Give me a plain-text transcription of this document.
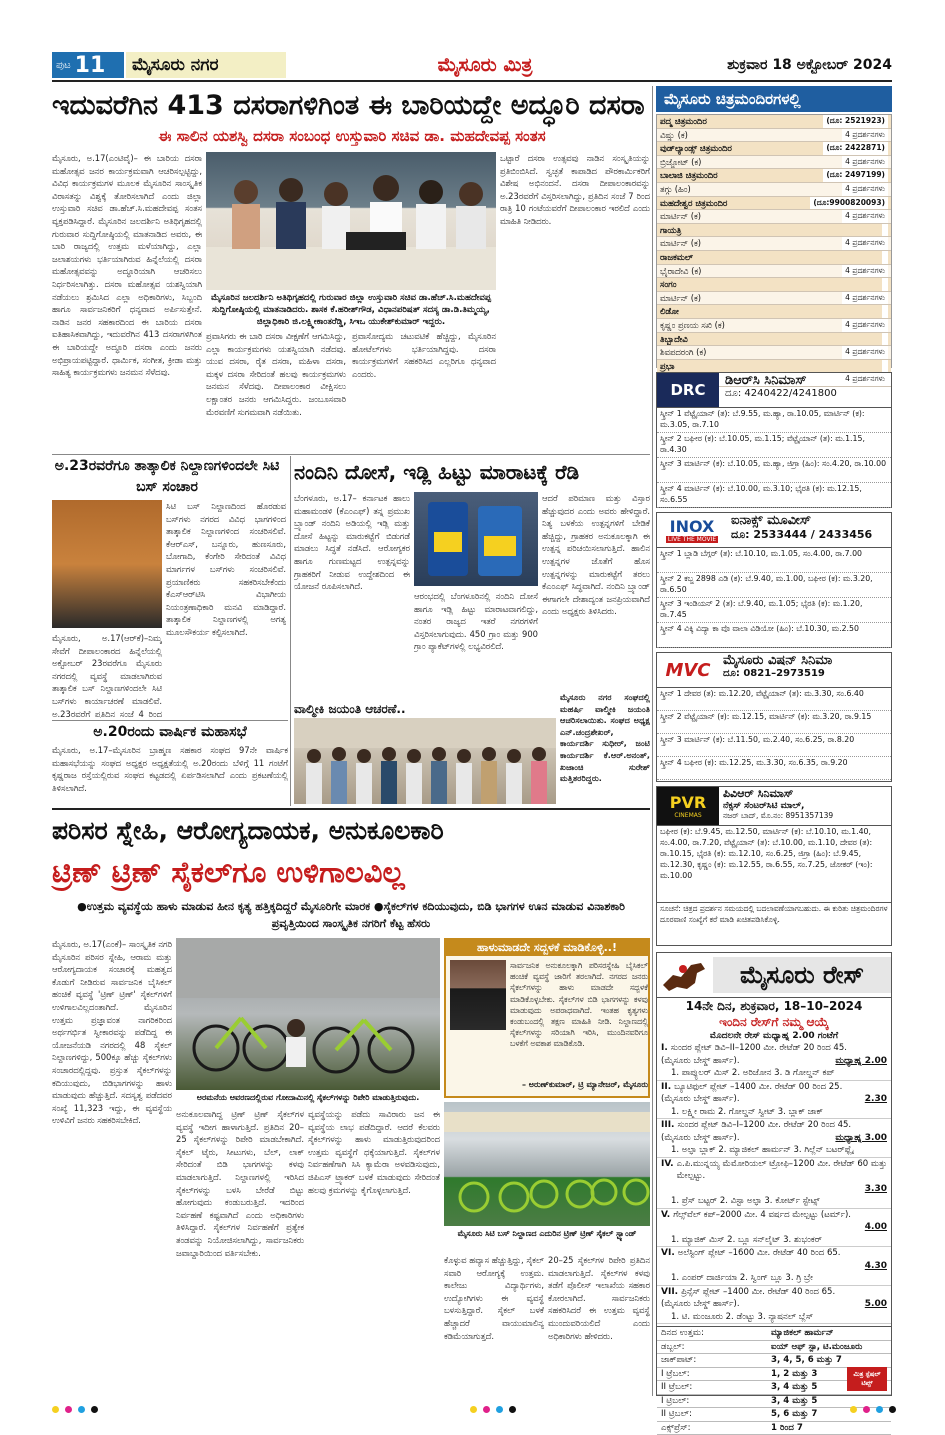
ಪುಟ 11	ಮೈಸೂರು ನಗರ	ಮೈಸೂರು ಮಿತ್ರ	ಶುಕ್ರವಾರ 18 ಅಕ್ಟೋಬರ್ 2024
ಇದುವರೆಗಿನ 413 ದಸರಾಗಳಿಗಿಂತ ಈ ಬಾರಿಯದ್ದೇ ಅದ್ಧೂರಿ ದಸರಾ
ಈ ಸಾಲಿನ ಯಶಸ್ವಿ ದಸರಾ ಸಂಬಂಧ ಉಸ್ತುವಾರಿ ಸಚಿವ ಡಾ. ಮಹದೇವಪ್ಪ ಸಂತಸ
ಮೈಸೂರು, ಅ.17(ಎಂಟಿವೈ)– ಈ ಬಾರಿಯ ದಸರಾ ಮಹೋತ್ಸವ ಜನರ ಕಾರ್ಯಕ್ರಮವಾಗಿ ಆಚರಿಸಲ್ಪಟ್ಟಿದ್ದು, ವಿವಿಧ ಕಾರ್ಯಕ್ರಮಗಳ ಮೂಲಕ ಮೈಸೂರಿನ ಸಾಂಸ್ಕೃತಿಕ ವಿರಾಸತನ್ನು ವಿಶ್ವಕ್ಕೆ ತೋರಿಸಲಾಗಿದೆ ಎಂದು ಜಿಲ್ಲಾ ಉಸ್ತುವಾರಿ ಸಚಿವ ಡಾ.ಹೆಚ್.ಸಿ.ಮಹದೇವಪ್ಪ ಸಂತಸ ವ್ಯಕ್ತಪಡಿಸಿದ್ದಾರೆ. ಮೈಸೂರಿನ ಜಲದರ್ಶಿನಿ ಅತಿಥಿಗೃಹದಲ್ಲಿ ಗುರುವಾರ ಸುದ್ದಿಗೋಷ್ಠಿಯಲ್ಲಿ ಮಾತನಾಡಿದ ಅವರು, ಈ ಬಾರಿ ರಾಜ್ಯದಲ್ಲಿ ಉತ್ತಮ ಮಳೆಯಾಗಿದ್ದು, ಎಲ್ಲಾ ಜಲಾಶಯಗಳು ಭರ್ತಿಯಾಗಿರುವ ಹಿನ್ನೆಲೆಯಲ್ಲಿ ದಸರಾ ಮಹೋತ್ಸವವನ್ನು ಅದ್ಧೂರಿಯಾಗಿ ಆಚರಿಸಲು ನಿರ್ಧರಿಸಲಾಗಿತ್ತು. ದಸರಾ ಮಹೋತ್ಸವ ಯಶಸ್ವಿಯಾಗಿ ನಡೆಯಲು ಶ್ರಮಿಸಿದ ಎಲ್ಲಾ ಅಧಿಕಾರಿಗಳು, ಸಿಬ್ಬಂದಿ ಹಾಗೂ ಸಾರ್ವಜನಿಕರಿಗೆ ಧನ್ಯವಾದ ಅರ್ಪಿಸುತ್ತೇನೆ. ನಾಡಿನ ಜನರ ಸಹಕಾರದಿಂದ ಈ ಬಾರಿಯ ದಸರಾ ಐತಿಹಾಸಿಕವಾಗಿದ್ದು, ಇದುವರೆಗಿನ 413 ದಸರಾಗಳಿಗಿಂತ ಈ ಬಾರಿಯದ್ದೇ ಅದ್ಧೂರಿ ದಸರಾ ಎಂದು ಜನರು ಅಭಿಪ್ರಾಯಪಟ್ಟಿದ್ದಾರೆ. ಧಾರ್ಮಿಕ, ಸಂಗೀತ, ಕ್ರೀಡಾ ಮತ್ತು ಸಾಹಿತ್ಯ ಕಾರ್ಯಕ್ರಮಗಳು ಜನಮನ ಸೆಳೆದವು.
ಮೈಸೂರಿನ ಜಲದರ್ಶಿನಿ ಅತಿಥಿಗೃಹದಲ್ಲಿ ಗುರುವಾರ ಜಿಲ್ಲಾ ಉಸ್ತುವಾರಿ ಸಚಿವ ಡಾ.ಹೆಚ್.ಸಿ.ಮಹದೇವಪ್ಪ ಸುದ್ದಿಗೋಷ್ಠಿಯಲ್ಲಿ ಮಾತನಾಡಿದರು. ಶಾಸಕ ಕೆ.ಹರೀಶ್‌ಗೌಡ, ವಿಧಾನಪರಿಷತ್ ಸದಸ್ಯ ಡಾ.ಡಿ.ತಿಮ್ಮಯ್ಯ, ಜಿಲ್ಲಾಧಿಕಾರಿ ಜಿ.ಲಕ್ಷ್ಮೀಕಾಂತರೆಡ್ಡಿ, ಸಿಇಒ ಯುಕೇಶ್‌ಕುಮಾರ್ ಇದ್ದರು.
ಪ್ರವಾಸಿಗರು ಈ ಬಾರಿ ದಸರಾ ವೀಕ್ಷಣೆಗೆ ಆಗಮಿಸಿದ್ದು, ಎಲ್ಲಾ ಕಾರ್ಯಕ್ರಮಗಳು ಯಶಸ್ವಿಯಾಗಿ ನಡೆದವು. ಯುವ ದಸರಾ, ರೈತ ದಸರಾ, ಮಹಿಳಾ ದಸರಾ, ಮಕ್ಕಳ ದಸರಾ ಸೇರಿದಂತೆ ಹಲವು ಕಾರ್ಯಕ್ರಮಗಳು ಜನಮನ ಸೆಳೆದವು. ದೀಪಾಲಂಕಾರ ವೀಕ್ಷಿಸಲು ಲಕ್ಷಾಂತರ ಜನರು ಆಗಮಿಸಿದ್ದರು. ಜಂಬೂಸವಾರಿ ಮೆರವಣಿಗೆ ಸುಗಮವಾಗಿ ನಡೆಯಿತು.
ಪ್ರವಾಸೋದ್ಯಮ ಚಟುವಟಿಕೆ ಹೆಚ್ಚಿದ್ದು, ಮೈಸೂರಿನ ಹೋಟೆಲ್‌ಗಳು ಭರ್ತಿಯಾಗಿದ್ದವು. ದಸರಾ ಕಾರ್ಯಕ್ರಮಗಳಿಗೆ ಸಹಕರಿಸಿದ ಎಲ್ಲರಿಗೂ ಧನ್ಯವಾದ ಎಂದರು.
ಒಟ್ಟಾರೆ ದಸರಾ ಉತ್ಸವವು ನಾಡಿನ ಸಂಸ್ಕೃತಿಯನ್ನು ಪ್ರತಿಬಿಂಬಿಸಿದೆ. ಸ್ವಚ್ಛತೆ ಕಾಪಾಡಿದ ಪೌರಕಾರ್ಮಿಕರಿಗೆ ವಿಶೇಷ ಅಭಿನಂದನೆ. ದಸರಾ ದೀಪಾಲಂಕಾರವನ್ನು ಅ.23ರವರೆಗೆ ವಿಸ್ತರಿಸಲಾಗಿದ್ದು, ಪ್ರತಿದಿನ ಸಂಜೆ 7 ರಿಂದ ರಾತ್ರಿ 10 ಗಂಟೆಯವರೆಗೆ ದೀಪಾಲಂಕಾರ ಇರಲಿದೆ ಎಂದು ಮಾಹಿತಿ ನೀಡಿದರು.
ಅ.23ರವರೆಗೂ ತಾತ್ಕಾಲಿಕ ನಿಲ್ದಾಣಗಳಿಂದಲೇ ಸಿಟಿ ಬಸ್ ಸಂಚಾರ
ಮೈಸೂರು, ಅ.17(ಆರ್‌ಕೆ)–ನಿಮ್ಮ ಸೇವೆಗೆ ದೀಪಾಲಂಕಾರದ ಹಿನ್ನೆಲೆಯಲ್ಲಿ ಅಕ್ಟೋಬರ್ 23ರವರೆಗೂ ಮೈಸೂರು ನಗರದಲ್ಲಿ ವ್ಯವಸ್ಥೆ ಮಾಡಲಾಗಿರುವ ತಾತ್ಕಾಲಿಕ ಬಸ್ ನಿಲ್ದಾಣಗಳಿಂದಲೇ ಸಿಟಿ ಬಸ್‌ಗಳು ಕಾರ್ಯಾಚರಣೆ ಮಾಡಲಿವೆ. ಅ.23ರವರೆಗೆ ಪ್ರತಿದಿನ ಸಂಜೆ 4 ರಿಂದ
ಸಿಟಿ ಬಸ್ ನಿಲ್ದಾಣದಿಂದ ಹೊರಡುವ ಬಸ್‌ಗಳು ನಗರದ ವಿವಿಧ ಭಾಗಗಳಿಂದ ತಾತ್ಕಾಲಿಕ ನಿಲ್ದಾಣಗಳಿಂದ ಸಂಚರಿಸಲಿವೆ. ಕೆಆರ್‌ಎಸ್, ಬನ್ನೂರು, ಹುಣಸೂರು, ಬೋಗಾದಿ, ಕೆಂಗೇರಿ ಸೇರಿದಂತೆ ವಿವಿಧ ಮಾರ್ಗಗಳ ಬಸ್‌ಗಳು ಸಂಚರಿಸಲಿವೆ. ಪ್ರಯಾಣಿಕರು ಸಹಕರಿಸಬೇಕೆಂದು ಕೆಎಸ್‌ಆರ್‌ಟಿಸಿ ವಿಭಾಗೀಯ ನಿಯಂತ್ರಣಾಧಿಕಾರಿ ಮನವಿ ಮಾಡಿದ್ದಾರೆ. ತಾತ್ಕಾಲಿಕ ನಿಲ್ದಾಣಗಳಲ್ಲಿ ಅಗತ್ಯ ಮೂಲಸೌಕರ್ಯ ಕಲ್ಪಿಸಲಾಗಿದೆ.
ಅ.20ರಂದು ವಾರ್ಷಿಕ ಮಹಾಸಭೆ
ಮೈಸೂರು, ಅ.17–ಮೈಸೂರಿನ ಬ್ರಾಹ್ಮಣ ಸಹಕಾರ ಸಂಘದ 97ನೇ ವಾರ್ಷಿಕ ಮಹಾಸಭೆಯನ್ನು ಸಂಘದ ಅಧ್ಯಕ್ಷರ ಅಧ್ಯಕ್ಷತೆಯಲ್ಲಿ ಅ.20ರಂದು ಬೆಳಿಗ್ಗೆ 11 ಗಂಟೆಗೆ ಕೃಷ್ಣರಾಜ ರಸ್ತೆಯಲ್ಲಿರುವ ಸಂಘದ ಕಟ್ಟಡದಲ್ಲಿ ಏರ್ಪಡಿಸಲಾಗಿದೆ ಎಂದು ಪ್ರಕಟಣೆಯಲ್ಲಿ ತಿಳಿಸಲಾಗಿದೆ.
ನಂದಿನಿ ದೋಸೆ, ಇಡ್ಲಿ ಹಿಟ್ಟು ಮಾರಾಟಕ್ಕೆ ರೆಡಿ
ಬೆಂಗಳೂರು, ಅ.17– ಕರ್ನಾಟಕ ಹಾಲು ಮಹಾಮಂಡಳಿ (ಕೆಎಂಎಫ್) ತನ್ನ ಪ್ರಮುಖ ಬ್ರ್ಯಾಂಡ್ ನಂದಿನಿ ಅಡಿಯಲ್ಲಿ ಇಡ್ಲಿ ಮತ್ತು ದೋಸೆ ಹಿಟ್ಟನ್ನು ಮಾರುಕಟ್ಟೆಗೆ ಬಿಡುಗಡೆ ಮಾಡಲು ಸಿದ್ಧತೆ ನಡೆಸಿದೆ. ಆರೋಗ್ಯಕರ ಹಾಗೂ ಗುಣಮಟ್ಟದ ಉತ್ಪನ್ನವನ್ನು ಗ್ರಾಹಕರಿಗೆ ನೀಡುವ ಉದ್ದೇಶದಿಂದ ಈ ಯೋಜನೆ ರೂಪಿಸಲಾಗಿದೆ.
ಆರಂಭದಲ್ಲಿ ಬೆಂಗಳೂರಿನಲ್ಲಿ ನಂದಿನಿ ದೋಸೆ ಹಾಗೂ ಇಡ್ಲಿ ಹಿಟ್ಟು ಮಾರಾಟವಾಗಲಿದ್ದು, ನಂತರ ರಾಜ್ಯದ ಇತರೆ ನಗರಗಳಿಗೆ ವಿಸ್ತರಿಸಲಾಗುವುದು. 450 ಗ್ರಾಂ ಮತ್ತು 900 ಗ್ರಾಂ ಪ್ಯಾಕೆಟ್‌ಗಳಲ್ಲಿ ಲಭ್ಯವಿರಲಿದೆ.
ಆದರೆ ಪರಿಮಾಣ ಮತ್ತು ವಿಸ್ತಾರ ಹೆಚ್ಚುವುದರ ಎಂದು ಅವರು ಹೇಳಿದ್ದಾರೆ. ನಿತ್ಯ ಬಳಕೆಯ ಉತ್ಪನ್ನಗಳಿಗೆ ಬೇಡಿಕೆ ಹೆಚ್ಚಿದ್ದು, ಗ್ರಾಹಕರ ಅನುಕೂಲಕ್ಕಾಗಿ ಈ ಉತ್ಪನ್ನ ಪರಿಚಯಿಸಲಾಗುತ್ತಿದೆ. ಹಾಲಿನ ಉತ್ಪನ್ನಗಳ ಜೊತೆಗೆ ಹೊಸ ಉತ್ಪನ್ನಗಳನ್ನು ಮಾರುಕಟ್ಟೆಗೆ ತರಲು ಕೆಎಂಎಫ್ ಸಿದ್ಧವಾಗಿದೆ. ನಂದಿನಿ ಬ್ರ್ಯಾಂಡ್ ಈಗಾಗಲೇ ದೇಶಾದ್ಯಂತ ಜನಪ್ರಿಯವಾಗಿದೆ ಎಂದು ಅಧ್ಯಕ್ಷರು ತಿಳಿಸಿದರು.
ವಾಲ್ಮೀಕಿ ಜಯಂತಿ ಆಚರಣೆ..
ಮೈಸೂರು ನಗರ ಸಂಘದಲ್ಲಿ ಮಹರ್ಷಿ ವಾಲ್ಮೀಕಿ ಜಯಂತಿ ಆಚರಿಸಲಾಯಿತು. ಸಂಘದ ಅಧ್ಯಕ್ಷ ಎನ್.ಚಂದ್ರಶೇಖರ್, ಕಾರ್ಯದರ್ಶಿ ಸುಧೀರ್, ಜಂಟಿ ಕಾರ್ಯದರ್ಶಿ ಕೆ.ಆರ್.ಅನಂತ್, ಖಜಾಂಚಿ ಸುರೇಶ್ ಮತ್ತಿತರರಿದ್ದರು.
ಪರಿಸರ ಸ್ನೇಹಿ, ಆರೋಗ್ಯದಾಯಕ, ಅನುಕೂಲಕಾರಿ
ಟ್ರಿಣ್ ಟ್ರಿಣ್ ಸೈಕಲ್‌ಗೂ ಉಳಿಗಾಲವಿಲ್ಲ
●ಉತ್ತಮ ವ್ಯವಸ್ಥೆಯ ಹಾಳು ಮಾಡುವ ಹೀನ ಕೃತ್ಯ ಹತ್ತಿಕ್ಕದಿದ್ದರೆ ಮೈಸೂರಿಗೇ ಮಾರಕ ●ಸೈಕಲ್‌ಗಳ ಕದಿಯುವುದು, ಬಿಡಿ ಭಾಗಗಳ ಊನ ಮಾಡುವ ವಿನಾಶಕಾರಿ ಪ್ರವೃತ್ತಿಯಿಂದ ಸಾಂಸ್ಕೃತಿಕ ನಗರಿಗೆ ಕೆಟ್ಟ ಹೆಸರು
ಮೈಸೂರು, ಅ.17(ಎಂಕೆ)– ಸಾಂಸ್ಕೃತಿಕ ನಗರಿ ಮೈಸೂರಿನ ಪರಿಸರ ಸ್ನೇಹಿ, ಆರಾಮ ಮತ್ತು ಆರೋಗ್ಯದಾಯಕ ಸಂಚಾರಕ್ಕೆ ಮಹತ್ವದ ಕೊಡುಗೆ ನೀಡಿರುವ ಸಾರ್ವಜನಿಕ ಬೈಸಿಕಲ್ ಹಂಚಿಕೆ ವ್ಯವಸ್ಥೆ 'ಟ್ರಿಣ್ ಟ್ರಿಣ್' ಸೈಕಲ್‌ಗಳಿಗೆ ಉಳಿಗಾಲವಿಲ್ಲದಂತಾಗಿದೆ. ಮೈಸೂರಿನ ಉತ್ತಮ ಪ್ರಜ್ಞಾವಂತ ನಾಗರಿಕರಿಂದ ಅರ್ಥಗರ್ಭಿತ ಸ್ವೀಕಾರವನ್ನು ಪಡೆದಿದ್ದ ಈ ಯೋಜನೆಯಡಿ ನಗರದಲ್ಲಿ 48 ಸೈಕಲ್ ನಿಲ್ದಾಣಗಳಿದ್ದು, 500ಕ್ಕೂ ಹೆಚ್ಚು ಸೈಕಲ್‌ಗಳು ಸಂಚಾರದಲ್ಲಿದ್ದವು. ಪ್ರಸ್ತುತ ಸೈಕಲ್‌ಗಳನ್ನು ಕದಿಯುವುದು, ಬಿಡಿಭಾಗಗಳನ್ನು ಹಾಳು ಮಾಡುವುದು ಹೆಚ್ಚುತ್ತಿದೆ. ಸದಸ್ಯತ್ವ ಪಡೆದವರ ಸಂಖ್ಯೆ 11,323 ಇದ್ದು, ಈ ವ್ಯವಸ್ಥೆಯ ಉಳಿವಿಗೆ ಜನರು ಸಹಕರಿಸಬೇಕಿದೆ.
ಅರಮನೆಯ ಆವರಣದಲ್ಲಿರುವ ಗೋದಾಮಿನಲ್ಲಿ ಸೈಕಲ್‌ಗಳನ್ನು ರಿಪೇರಿ ಮಾಡುತ್ತಿರುವುದು.
ಅನುಕೂಲವಾಗಿದ್ದ ಟ್ರಿಣ್ ಟ್ರಿಣ್ ಸೈಕಲ್‌ಗಳ ವ್ಯವಸ್ಥೆ ಇದೀಗ ಹಾಳಾಗುತ್ತಿದೆ. ಪ್ರತಿದಿನ 20–25 ಸೈಕಲ್‌ಗಳನ್ನು ರಿಪೇರಿ ಮಾಡಬೇಕಾಗಿದೆ. ಸೈಕಲ್ ಟೈರು, ಸೀಟುಗಳು, ಬೆಲ್, ಲಾಕ್ ಸೇರಿದಂತೆ ಬಿಡಿ ಭಾಗಗಳನ್ನು ಕಳವು ಮಾಡಲಾಗುತ್ತಿದೆ. ನಿಲ್ದಾಣಗಳಲ್ಲಿ ಇರಿಸಿದ ಸೈಕಲ್‌ಗಳನ್ನು ಬಳಸಿ ಬೇರೆಡೆ ಬಿಟ್ಟು ಹೋಗುವುದು ಕಂಡುಬರುತ್ತಿದೆ. ಇದರಿಂದ ನಿರ್ವಹಣೆ ಕಷ್ಟವಾಗಿದೆ ಎಂದು ಅಧಿಕಾರಿಗಳು ತಿಳಿಸಿದ್ದಾರೆ. ಸೈಕಲ್‌ಗಳ ನಿರ್ವಹಣೆಗೆ ಪ್ರತ್ಯೇಕ ತಂಡವನ್ನು ನಿಯೋಜಿಸಲಾಗಿದ್ದು, ಸಾರ್ವಜನಿಕರು ಜವಾಬ್ದಾರಿಯಿಂದ ವರ್ತಿಸಬೇಕು.
ವ್ಯವಸ್ಥೆಯನ್ನು ಪಡೆದು ಸಾವಿರಾರು ಜನ ಈ ವ್ಯವಸ್ಥೆಯ ಲಾಭ ಪಡೆದಿದ್ದಾರೆ. ಆದರೆ ಕೆಲವರು ಸೈಕಲ್‌ಗಳನ್ನು ಹಾಳು ಮಾಡುತ್ತಿರುವುದರಿಂದ ಉತ್ತಮ ವ್ಯವಸ್ಥೆಗೆ ಧಕ್ಕೆಯಾಗುತ್ತಿದೆ. ಸೈಕಲ್‌ಗಳ ನಿರ್ವಹಣೆಗಾಗಿ ಸಿಸಿ ಕ್ಯಾಮೆರಾ ಅಳವಡಿಸುವುದು, ಜಿಪಿಎಸ್ ಟ್ರ್ಯಾಕರ್ ಬಳಕೆ ಮಾಡುವುದು ಸೇರಿದಂತೆ ಹಲವು ಕ್ರಮಗಳನ್ನು ಕೈಗೊಳ್ಳಲಾಗುತ್ತಿದೆ.
ಹಾಳುಮಾಡದೇ ಸದ್ಬಳಕೆ ಮಾಡಿಕೊಳ್ಳಿ..!
ಸಾರ್ವಜನಿಕ ಅನುಕೂಲಕ್ಕಾಗಿ ಪರಿಸರಸ್ನೇಹಿ ಬೈಸಿಕಲ್ ಹಂಚಿಕೆ ವ್ಯವಸ್ಥೆ ಜಾರಿಗೆ ತರಲಾಗಿದೆ. ನಗರದ ಜನರು ಸೈಕಲ್‌ಗಳನ್ನು ಹಾಳು ಮಾಡದೇ ಸದ್ಬಳಕೆ ಮಾಡಿಕೊಳ್ಳಬೇಕು. ಸೈಕಲ್‌ಗಳ ಬಿಡಿ ಭಾಗಗಳನ್ನು ಕಳವು ಮಾಡುವುದು ಅಪರಾಧವಾಗಿದೆ. ಇಂತಹ ಕೃತ್ಯಗಳು ಕಂಡುಬಂದಲ್ಲಿ ತಕ್ಷಣ ಮಾಹಿತಿ ನೀಡಿ. ನಿಲ್ದಾಣದಲ್ಲಿ ಸೈಕಲ್‌ಗಳನ್ನು ಸರಿಯಾಗಿ ಇರಿಸಿ, ಮುಂದಿನವರಿಗೂ ಬಳಕೆಗೆ ಅವಕಾಶ ಮಾಡಿಕೊಡಿ.
– ಅರುಣ್‌ಕುಮಾರ್, ಟ್ರಿ ಮ್ಯಾನೇಜರ್, ಮೈಸೂರು
ಮೈಸೂರು ಸಿಟಿ ಬಸ್ ನಿಲ್ದಾಣದ ಎದುರಿನ ಟ್ರಿಣ್ ಟ್ರಿಣ್ ಸೈಕಲ್ ಸ್ಟ್ಯಾಂಡ್
ಕೊಳ್ಳುವ ಹವ್ಯಾಸ ಹೆಚ್ಚುತ್ತಿದ್ದು, ಸೈಕಲ್ ಸವಾರಿ ಆರೋಗ್ಯಕ್ಕೆ ಉತ್ತಮ. ಕಾಲೇಜು ವಿದ್ಯಾರ್ಥಿಗಳು, ಉದ್ಯೋಗಿಗಳು ಈ ವ್ಯವಸ್ಥೆ ಬಳಸುತ್ತಿದ್ದಾರೆ. ಸೈಕಲ್ ಬಳಕೆ ಹೆಚ್ಚಾದರೆ ವಾಯುಮಾಲಿನ್ಯ ಕಡಿಮೆಯಾಗುತ್ತದೆ.
20–25 ಸೈಕಲ್‌ಗಳ ರಿಪೇರಿ ಪ್ರತಿದಿನ ಮಾಡಲಾಗುತ್ತಿದೆ. ಸೈಕಲ್‌ಗಳ ಕಳವು ತಡೆಗೆ ಪೊಲೀಸ್ ಇಲಾಖೆಯ ಸಹಕಾರ ಕೋರಲಾಗಿದೆ. ಸಾರ್ವಜನಿಕರು ಸಹಕರಿಸಿದರೆ ಈ ಉತ್ತಮ ವ್ಯವಸ್ಥೆ ಮುಂದುವರಿಯಲಿದೆ ಎಂದು ಅಧಿಕಾರಿಗಳು ಹೇಳಿದರು.
ಮೈಸೂರು ಚಿತ್ರಮಂದಿರಗಳಲ್ಲಿ
ಪದ್ಮ ಚಿತ್ರಮಂದಿರ	(ದೂ: 2521923)
ವಿಷ್ಣು (ಕ)	4 ಪ್ರದರ್ಶನಗಳು
ವುಡ್‌ಲ್ಯಾಂಡ್ಸ್ ಚಿತ್ರಮಂದಿರ	(ದೂ: 2422871)
ಬ್ರಿಜ್ಜೋಟ್ (ಕ)	4 ಪ್ರದರ್ಶನಗಳು
ಬಾಲಾಜಿ ಚಿತ್ರಮಂದಿರ	(ದೂ: 2497199)
ತಗ್ಗು (ಹಿಂ)	4 ಪ್ರದರ್ಶನಗಳು
ಮಹದೇಶ್ವರ ಚಿತ್ರಮಂದಿರ	(ದೂ:9900820093)
ಮಾರ್ಟಿನ್ (ಕ)	4 ಪ್ರದರ್ಶನಗಳು
ಗಾಯತ್ರಿ
ಮಾರ್ಟಿನ್ (ಕ)	4 ಪ್ರದರ್ಶನಗಳು
ರಾಜಕಮಲ್
ಭೈರಾದೇವಿ (ಕ)	4 ಪ್ರದರ್ಶನಗಳು
ಸಂಗಂ
ಮಾರ್ಟಿನ್ (ಕ)	4 ಪ್ರದರ್ಶನಗಳು
ಲಿಡೋ
ಕೃಷ್ಣಂ ಪ್ರಣಯ ಸಖಿ (ಕ)	4 ಪ್ರದರ್ಶನಗಳು
ತಿಬ್ಬಾದೇವಿ
ಶಿವಪದರಂಗಿ (ಕ)	4 ಪ್ರದರ್ಶನಗಳು
ಪ್ರಭಾ
4 ಪ್ರದರ್ಶನಗಳು
DRC
ಡಿಆರ್‌ಸಿ ಸಿನಿಮಾಸ್
ದೂ: 4240422/4241800
ಸ್ಕ್ರೀನ್ 1 ವೆಟ್ಟೈಯಾನ್ (ತ): ಬೆ.9.55, ಮ.ಹ್ಯಾ, ರಾ.10.05, ಮಾರ್ಟಿನ್ (ಕ): ಮ.3.05, ರಾ.7.10
ಸ್ಕ್ರೀನ್ 2 ಬಘೀರ (ಕ): ಬೆ.10.05, ಮ.1.15; ವೆಟ್ಟೈಯಾನ್ (ತ): ಮ.1.15, ರಾ.4.30
ಸ್ಕ್ರೀನ್ 3 ಮಾರ್ಟಿನ್ (ಕ): ಬೆ.10.05, ಮ.ಹ್ಯಾ, ಜಿಗ್ರಾ (ಹಿಂ): ಸಂ.4.20, ರಾ.10.00
ಸ್ಕ್ರೀನ್ 4 ಮಾರ್ಟಿನ್ (ಕ): ಬೆ.10.00, ಮ.3.10; ಭೈರತಿ (ಕ): ಮ.12.15, ಸಂ.6.55
INOX
LIVE THE MOVIE
ಐನಾಕ್ಸ್ ಮೂವೀಸ್
ದೂ: 2533444 / 2433456
ಸ್ಕ್ರೀನ್ 1 ಬ್ಲಾಡಿ ಬೆಗ್ಗರ್ (ತ): ಬೆ.10.10, ಮ.1.05, ಸಂ.4.00, ರಾ.7.00
ಸ್ಕ್ರೀನ್ 2 ಕಬ್ಜ 2898 ಎಡಿ (ಕ): ಬೆ.9.40, ಮ.1.00, ಬಘೀರ (ಕ): ಮ.3.20, ರಾ.6.50
ಸ್ಕ್ರೀನ್ 3 ಇಂಡಿಯನ್ 2 (ತ): ಬೆ.9.40, ಮ.1.05; ಭೈರತಿ (ಕ): ಮ.1.20, ರಾ.7.45
ಸ್ಕ್ರೀನ್ 4 ವಿಕ್ಕಿ ವಿದ್ಯಾ ಕಾ ವೊ ವಾಲಾ ವಿಡಿಯೋ (ಹಿಂ): ಬೆ.10.30, ಮ.2.50
MVC ಮೈಸೂರು ವಿಷನ್ ಸಿನಿಮಾ
ದೂ: 0821–2973519
ಸ್ಕ್ರೀನ್ 1 ದೇವರ (ತ): ಮ.12.20, ವೆಟ್ಟೈಯಾನ್ (ತ): ಮ.3.30, ಸಂ.6.40
ಸ್ಕ್ರೀನ್ 2 ವೆಟ್ಟೈಯಾನ್ (ಕ): ಮ.12.15, ಮಾರ್ಟಿನ್ (ಕ): ಮ.3.20, ರಾ.9.15
ಸ್ಕ್ರೀನ್ 3 ಮಾರ್ಟಿನ್ (ಕ): ಬೆ.11.50, ಮ.2.40, ಸಂ.6.25, ರಾ.8.20
ಸ್ಕ್ರೀನ್ 4 ಬಘೀರ (ಕ): ಮ.12.25, ಮ.3.30, ಸಂ.6.35, ರಾ.9.20
PVR
CINEMAS
ಪಿವಿಆರ್ ಸಿನಿಮಾಸ್
ನೆಕ್ಸಸ್ ಸೆಂಟರ್‌ಸಿಟಿ ಮಾಲ್,
ನಜರ್ ಬಾದ್, ಮೊ.ನಂ: 8951357139
ಬಘೀರ (ಕ): ಬೆ.9.45, ಮ.12.50, ಮಾರ್ಟಿನ್ (ಕ): ಬೆ.10.10, ಮ.1.40, ಸಂ.4.00, ರಾ.7.20, ವೆಟ್ಟೈಯಾನ್ (ತ): ಬೆ.10.00, ಮ.1.10, ದೇವರ (ತ): ರಾ.10.15, ಭೈರತಿ (ಕ): ಮ.12.10, ಸಂ.6.25, ಜಿಗ್ರಾ (ಹಿಂ): ಬೆ.9.45, ಮ.12.30, ಕೃಷ್ಣಂ (ಕ): ಮ.12.55, ರಾ.6.55, ಸಂ.7.25, ಜೋಕರ್ (ಇಂ): ಮ.10.00
ಸೂಚನೆ: ಚಿತ್ರದ ಪ್ರದರ್ಶನ ಸಮಯದಲ್ಲಿ ಬದಲಾವಣೆಯಾಗಬಹುದು. ಈ ಕುರಿತು ಚಿತ್ರಮಂದಿರಗಳ ದೂರವಾಣಿ ಸಂಖ್ಯೆಗೆ ಕರೆ ಮಾಡಿ ಖಚಿತಪಡಿಸಿಕೊಳ್ಳಿ.
ಮೈಸೂರು ರೇಸ್
14ನೇ ದಿನ, ಶುಕ್ರವಾರ, 18–10–2024
ಇಂದಿನ ರೇಸ್‌ಗೆ ನಮ್ಮ ಆಯ್ಕೆ
ಮೊದಲನೇ ರೇಸ್ ಮಧ್ಯಾಹ್ನ 2.00 ಗಂಟೆಗೆ
I. ಸುಂದರ ಪ್ಲೇಟ್ ಡಿವಿ–II–1200 ಮೀ. ರೇಟೆಡ್ 20 ರಿಂದ 45.
(ಮೈಸೂರು ಬೇಸ್ಡ್ ಹಾರ್ಸ್).	ಮಧ್ಯಾಹ್ನ 2.00
1. ಪಾಪ್ಯುಲರ್ ಮಿಸ್ 2. ಅರಿಜೋನ 3. ಡಿ ಗೋಲ್ಡನ್ ಕಪ್
II. ಬ್ಯೂಟಿಫುಲ್ ಪ್ಲೇಟ್ –1400 ಮೀ. ರೇಟೆಡ್ 00 ರಿಂದ 25.
(ಮೈಸೂರು ಬೇಸ್ಡ್ ಹಾರ್ಸ್).	2.30
1. ಲಕ್ಷ್ಮೀ ರಾಮ 2. ಗೋಲ್ಡನ್ ಸ್ವೀಟ್ 3. ಬ್ಲಾಕ್ ಜಾಕ್
III. ಸುಂದರ ಪ್ಲೇಟ್ ಡಿವಿ–I–1200 ಮೀ. ರೇಟೆಡ್ 20 ರಿಂದ 45.
(ಮೈಸೂರು ಬೇಸ್ಡ್ ಹಾರ್ಸ್).	ಮಧ್ಯಾಹ್ನ 3.00
1. ಅಲ್ಫಾ ಬ್ಲಾಕ್ 2. ಮ್ಯಾಜಿಕಲ್ ಹಾರ್ಮನ್ 3. ಗಿಲ್ಲೆನ್ ಬಟರ್‌ಫ್ಲೈ
IV. ಎ.ಪಿ.ಮುನ್ನಯ್ಯ ಮೆಮೋರಿಯಲ್ ಟ್ರೋಫಿ–1200 ಮೀ. ರೇಟೆಡ್ 60 ಮತ್ತು ಮೇಲ್ಪಟ್ಟು.
3.30
1. ಪ್ರೆಸ್ ಬಟ್ಟರ್ 2. ವಿಸ್ಟಾ ಅಲ್ಫಾ 3. ಕೋರ್ಟ್ ಸ್ಟೇಟ್ಸ್
V. ಗೆಲ್ಸ್‌ವೆಲ್ ಕಪ್–2000 ಮೀ. 4 ವರ್ಷದ ಮೇಲ್ಪಟ್ಟು (ಟರ್ಮ್).
4.00
1. ಮ್ಯಾಜಿಕ್ ಮಿಸ್ 2. ಬ್ಲೂ ಸನ್‌ಲೈಟ್ 3. ಶುಭಂಕರ್
VI. ಅಲೆಸ್ಟಿಂಗ್ ಪ್ಲೇಟ್ –1600 ಮೀ. ರೇಟೆಡ್ 40 ರಿಂದ 65.
4.30
1. ಎಂಪರ್ ದಾರ್ಜಿಯಾ 2. ಸ್ವಿಂಗ್ ಬ್ಲೂ 3. ಗ್ರಿ ಬ್ರೇ
VII. ಪ್ರಿನ್ಸೆಸ್ ಪ್ಲೇಟ್ –1400 ಮೀ. ರೇಟೆಡ್ 40 ರಿಂದ 65.
(ಮೈಸೂರು ಬೇಸ್ಡ್ ಹಾರ್ಸ್).	5.00
1. ಟಿ. ಮಂಜೂರು 2. ಡೆಂಟ್ಟು 3. ನ್ಯಾಷನಲ್ ಬ್ಲೆಸ್
ದಿನದ ಉತ್ತಮ:	ಮ್ಯಾಜಿಕಲ್ ಹಾರ್ಮನ್
ಡಬ್ಬಲ್:	ಐಯ್ ಆಫ್ ಸ್ಪಾ, ಟಿ.ಮಂಜೂರು
ಜಾಕ್‌ಪಾಟ್:	3, 4, 5, 6 ಮತ್ತು 7
I ಟ್ರೆಬಲ್:	1, 2 ಮತ್ತು 3
II ಟ್ರೆಬಲ್:	3, 4 ಮತ್ತು 5
I ಟ್ರಿಬಲ್:	3, 4 ಮತ್ತು 5
II ಟ್ರಿಬಲ್:	5, 6 ಮತ್ತು 7
ಎಕ್ಸ್‌ಪ್ರೆಸ್:	1 ರಿಂದ 7
ಮಿತ್ರ ಸ್ಪೆಷಲ್ ಟಿಪ್ಸ್
